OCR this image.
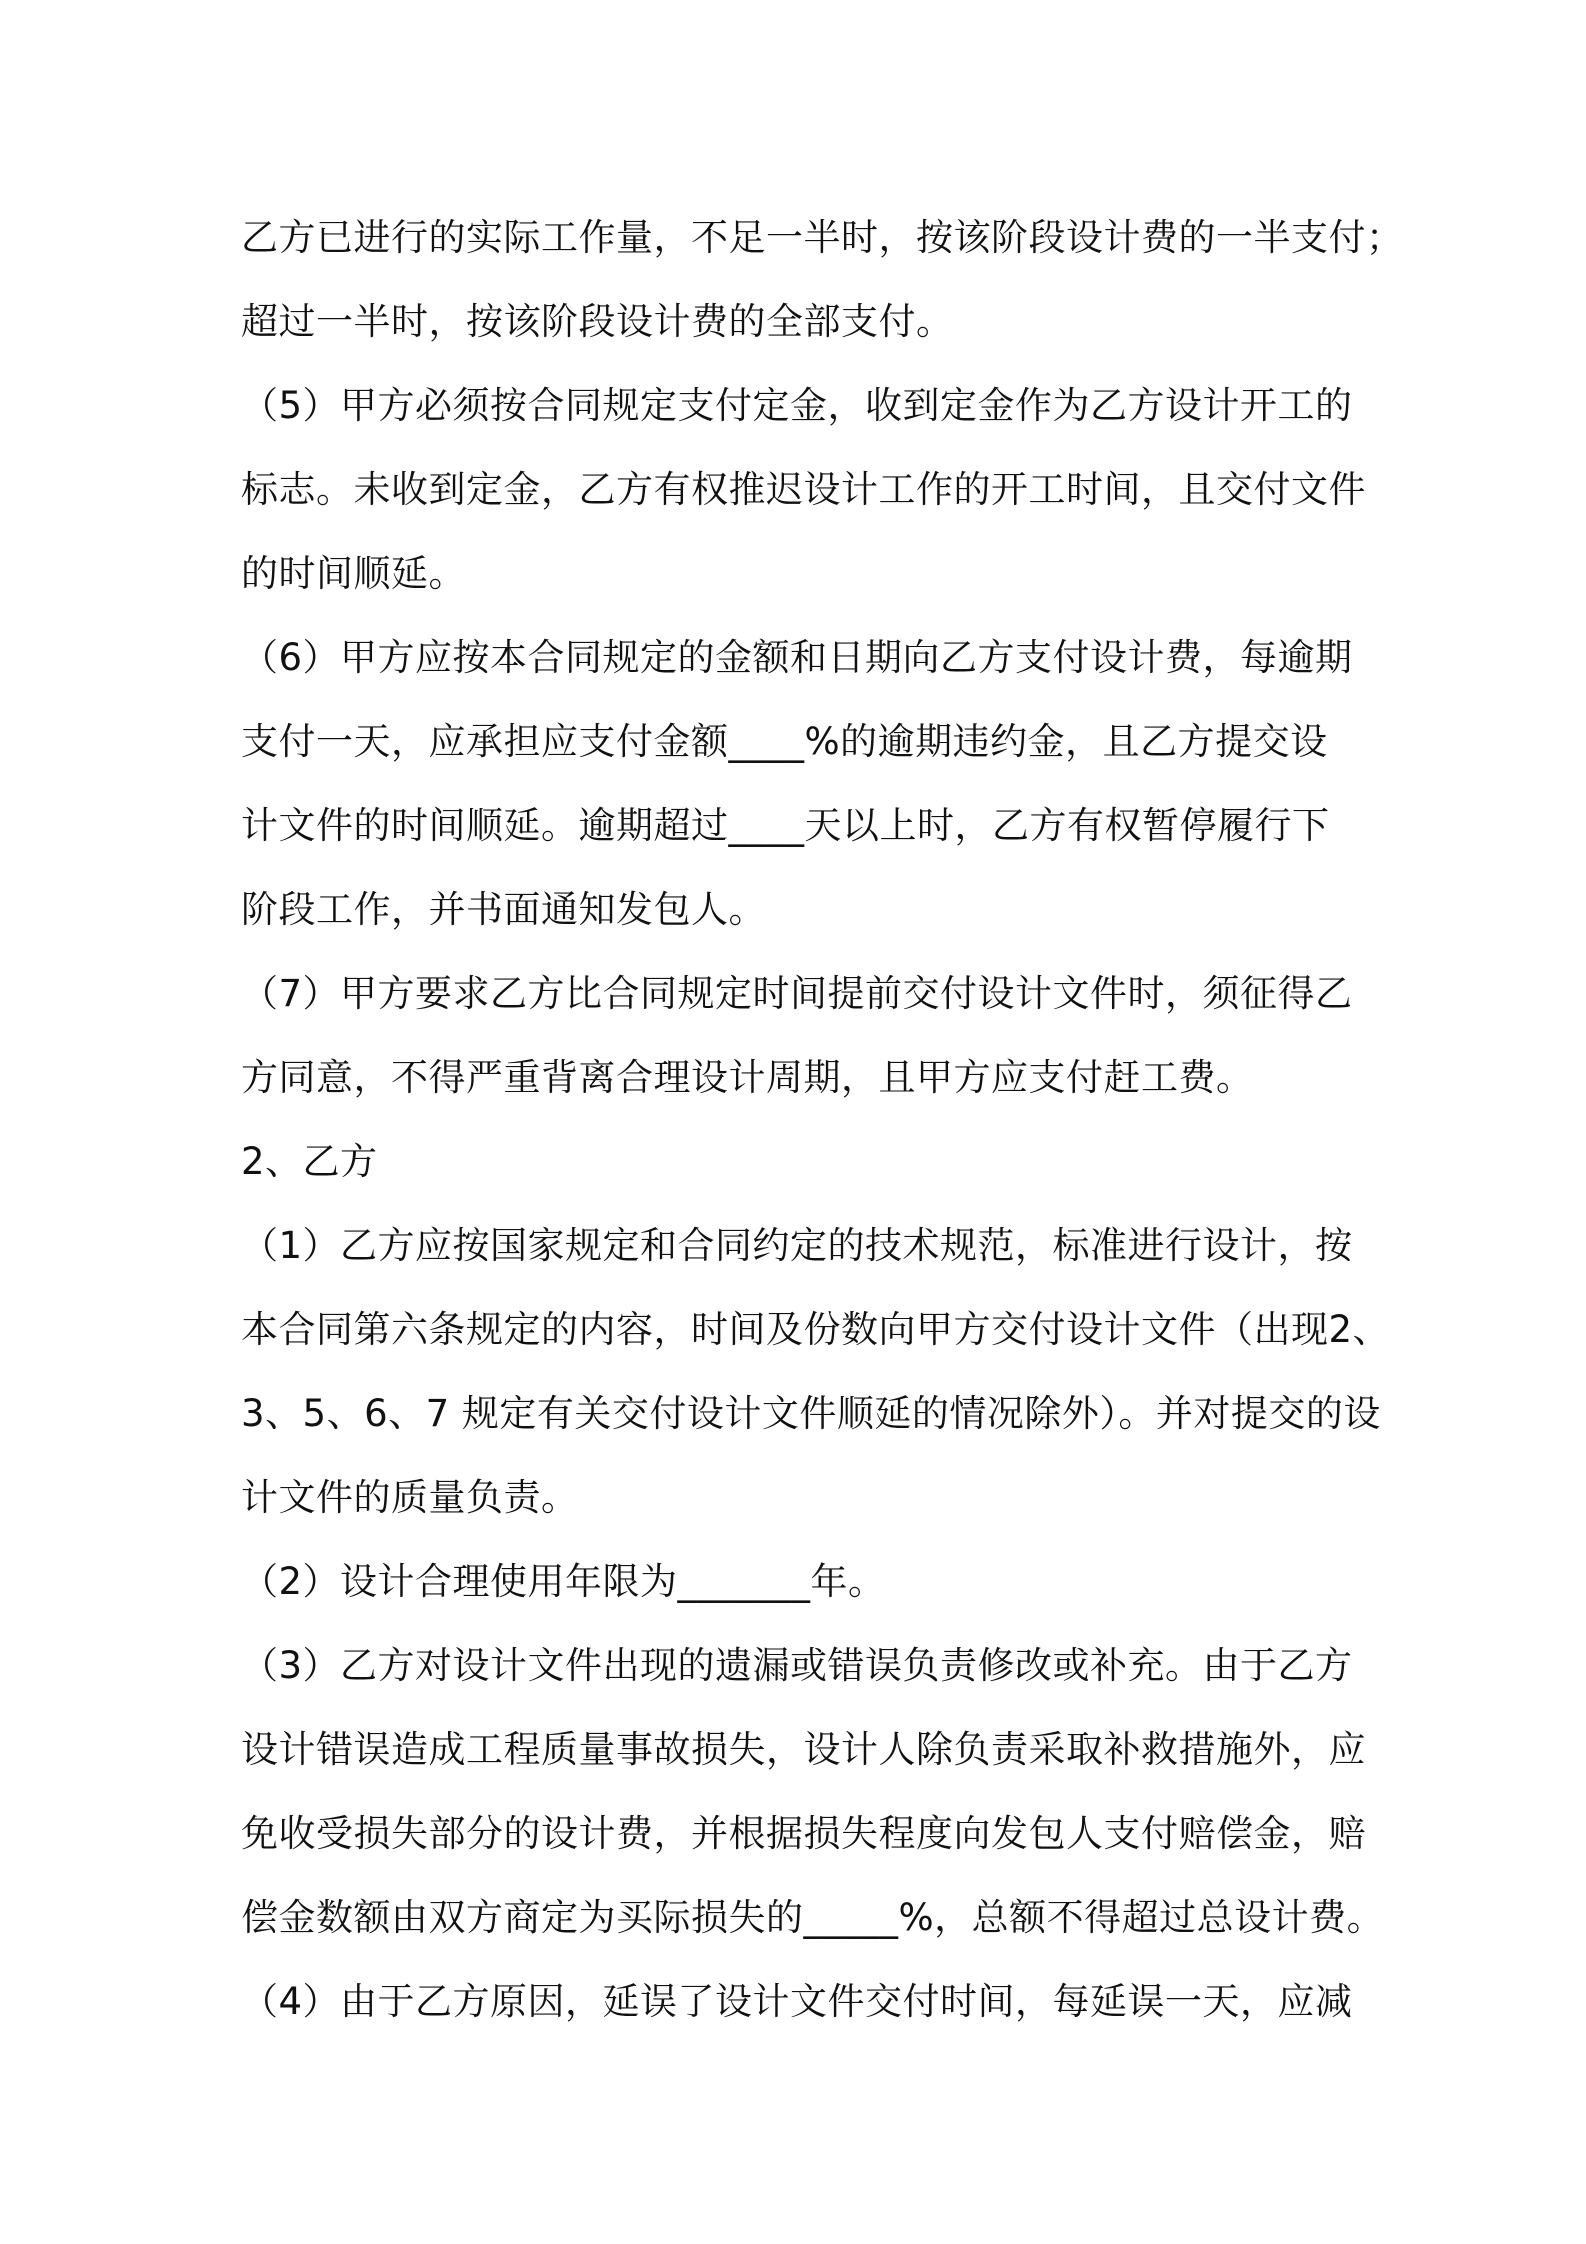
乙方已进行的实际工作量，不足一半时，按该阶段设计费的一半支付；
超过一半时，按该阶段设计费的全部支付。
（5）甲方必须按合同规定支付定金，收到定金作为乙方设计开工的
标志。未收到定金，乙方有权推迟设计工作的开工时间，且交付文件
的时间顺延。
（6）甲方应按本合同规定的金额和日期向乙方支付设计费，每逾期
支付一天，应承担应支付金额____%的逾期违约金，且乙方提交设
计文件的时间顺延。逾期超过____天以上时，乙方有权暂停履行下
阶段工作，并书面通知发包人。
（7）甲方要求乙方比合同规定时间提前交付设计文件时，须征得乙
方同意，不得严重背离合理设计周期，且甲方应支付赶工费。
2、乙方
（1）乙方应按国家规定和合同约定的技术规范，标准进行设计，按
本合同第六条规定的内容，时间及份数向甲方交付设计文件（出现2、
3、5、6、7 规定有关交付设计文件顺延的情况除外）。并对提交的设
计文件的质量负责。
（2）设计合理使用年限为_______年。
（3）乙方对设计文件出现的遗漏或错误负责修改或补充。由于乙方
设计错误造成工程质量事故损失，设计人除负责采取补救措施外，应
免收受损失部分的设计费，并根据损失程度向发包人支付赔偿金，赔
偿金数额由双方商定为买际损失的_____%，总额不得超过总设计费。
（4）由于乙方原因，延误了设计文件交付时间，每延误一天，应减
